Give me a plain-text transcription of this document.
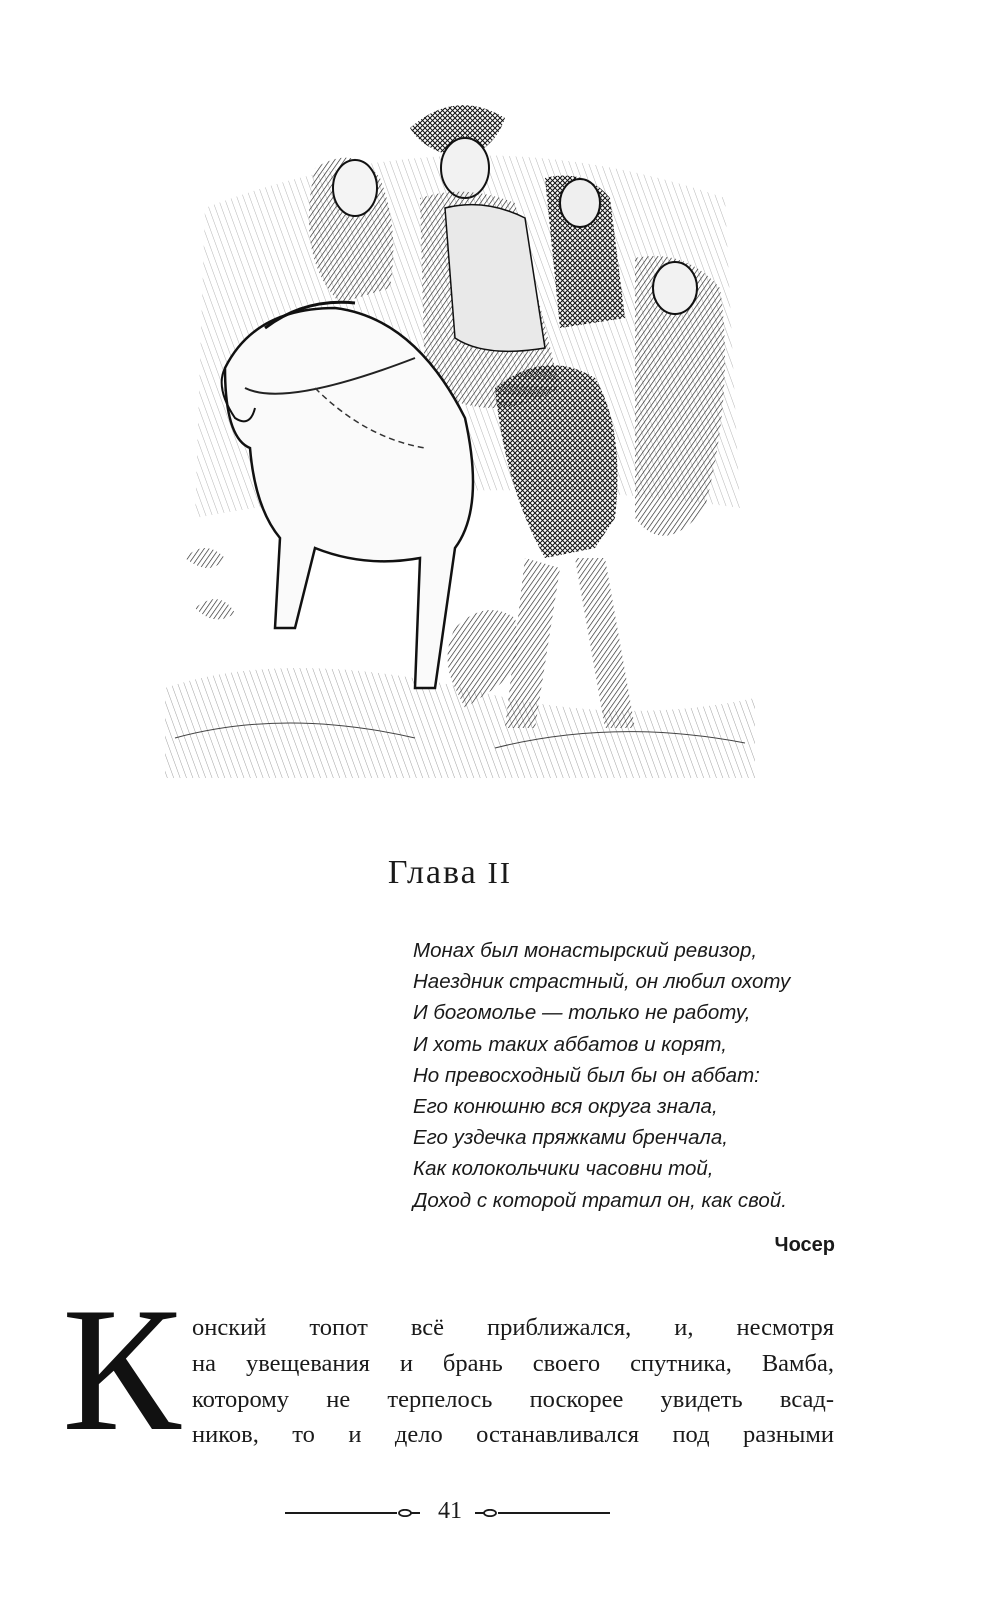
Глава II
Монах был монастырский ревизор,
Наездник страстный, он любил охоту
И богомолье — только не работу,
И хоть таких аббатов и корят,
Но превосходный был бы он аббат:
Его конюшню вся округа знала,
Его уздечка пряжками бренчала,
Как колокольчики часовни той,
Доход с которой тратил он, как свой.
Чосер
К онский топот всё приближался, и, несмотря
на увещевания и брань своего спутника, Вамба,
которому не терпелось поскорее увидеть всад-
ников, то и дело останавливался под разными
41
